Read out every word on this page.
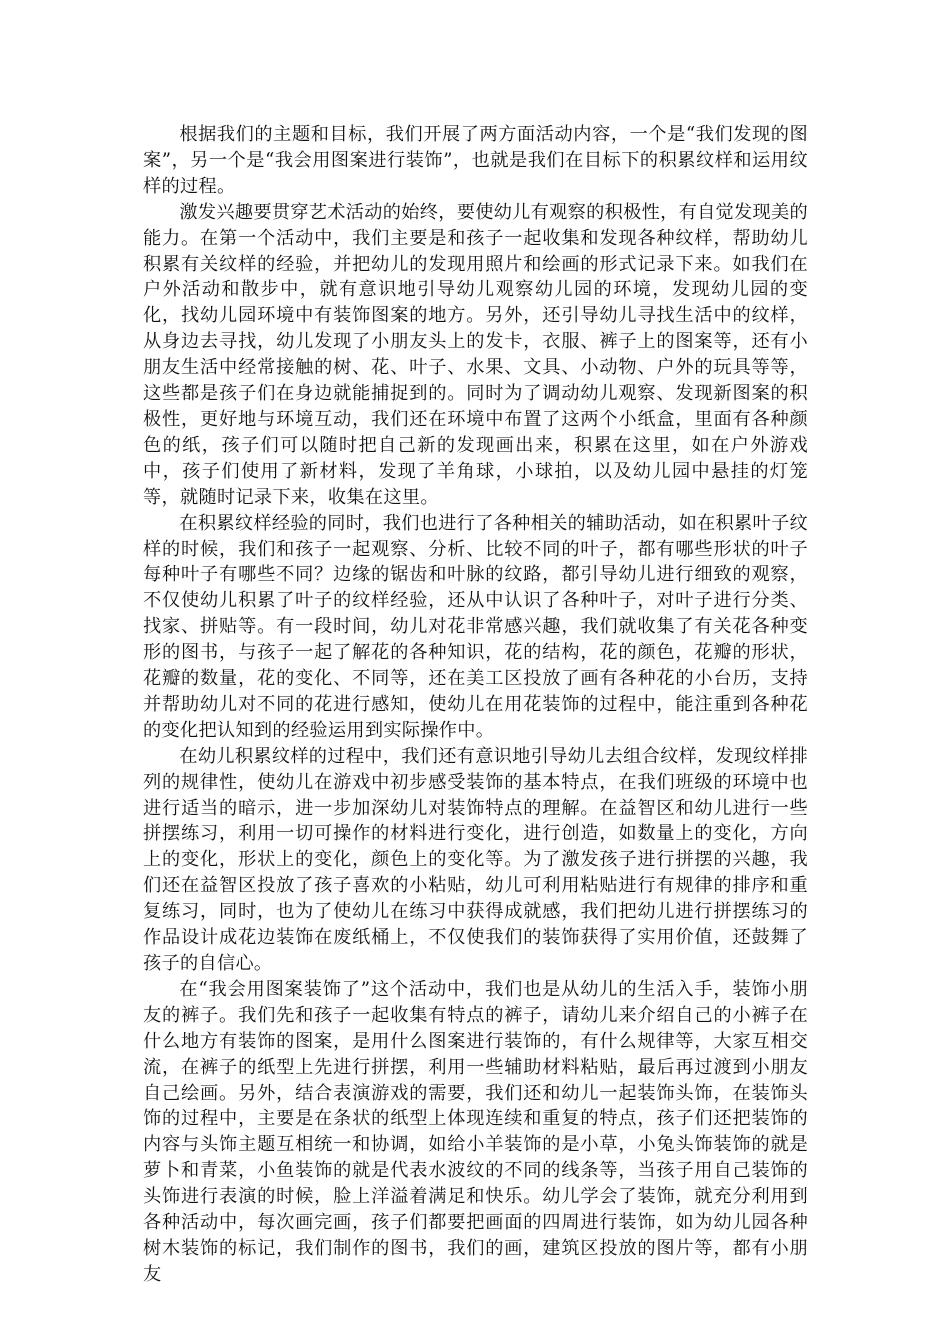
根据我们的主题和目标，我们开展了两方面活动内容，一个是“我们发现的图案”，另一个是“我会用图案进行装饰”，也就是我们在目标下的积累纹样和运用纹样的过程。

激发兴趣要贯穿艺术活动的始终，要使幼儿有观察的积极性，有自觉发现美的能力。在第一个活动中，我们主要是和孩子一起收集和发现各种纹样，帮助幼儿积累有关纹样的经验，并把幼儿的发现用照片和绘画的形式记录下来。如我们在户外活动和散步中，就有意识地引导幼儿观察幼儿园的环境，发现幼儿园的变化，找幼儿园环境中有装饰图案的地方。另外，还引导幼儿寻找生活中的纹样，从身边去寻找，幼儿发现了小朋友头上的发卡，衣服、裤子上的图案等，还有小朋友生活中经常接触的树、花、叶子、水果、文具、小动物、户外的玩具等等，这些都是孩子们在身边就能捕捉到的。同时为了调动幼儿观察、发现新图案的积极性，更好地与环境互动，我们还在环境中布置了这两个小纸盒，里面有各种颜色的纸，孩子们可以随时把自己新的发现画出来，积累在这里，如在户外游戏中，孩子们使用了新材料，发现了羊角球，小球拍，以及幼儿园中悬挂的灯笼等，就随时记录下来，收集在这里。

在积累纹样经验的同时，我们也进行了各种相关的辅助活动，如在积累叶子纹样的时候，我们和孩子一起观察、分析、比较不同的叶子，都有哪些形状的叶子每种叶子有哪些不同？边缘的锯齿和叶脉的纹路，都引导幼儿进行细致的观察，不仅使幼儿积累了叶子的纹样经验，还从中认识了各种叶子，对叶子进行分类、找家、拼贴等。有一段时间，幼儿对花非常感兴趣，我们就收集了有关花各种变形的图书，与孩子一起了解花的各种知识，花的结构，花的颜色，花瓣的形状，花瓣的数量，花的变化、不同等，还在美工区投放了画有各种花的小台历，支持并帮助幼儿对不同的花进行感知，使幼儿在用花装饰的过程中，能注重到各种花的变化把认知到的经验运用到实际操作中。

在幼儿积累纹样的过程中，我们还有意识地引导幼儿去组合纹样，发现纹样排列的规律性，使幼儿在游戏中初步感受装饰的基本特点，在我们班级的环境中也进行适当的暗示，进一步加深幼儿对装饰特点的理解。在益智区和幼儿进行一些拼摆练习，利用一切可操作的材料进行变化，进行创造，如数量上的变化，方向上的变化，形状上的变化，颜色上的变化等。为了激发孩子进行拼摆的兴趣，我们还在益智区投放了孩子喜欢的小粘贴，幼儿可利用粘贴进行有规律的排序和重复练习，同时，也为了使幼儿在练习中获得成就感，我们把幼儿进行拼摆练习的作品设计成花边装饰在废纸桶上，不仅使我们的装饰获得了实用价值，还鼓舞了孩子的自信心。

在“我会用图案装饰了”这个活动中，我们也是从幼儿的生活入手，装饰小朋友的裤子。我们先和孩子一起收集有特点的裤子，请幼儿来介绍自己的小裤子在什么地方有装饰的图案，是用什么图案进行装饰的，有什么规律等，大家互相交流，在裤子的纸型上先进行拼摆，利用一些辅助材料粘贴，最后再过渡到小朋友自己绘画。另外，结合表演游戏的需要，我们还和幼儿一起装饰头饰，在装饰头饰的过程中，主要是在条状的纸型上体现连续和重复的特点，孩子们还把装饰的内容与头饰主题互相统一和协调，如给小羊装饰的是小草，小兔头饰装饰的就是萝卜和青菜，小鱼装饰的就是代表水波纹的不同的线条等，当孩子用自己装饰的头饰进行表演的时候，脸上洋溢着满足和快乐。幼儿学会了装饰，就充分利用到各种活动中，每次画完画，孩子们都要把画面的四周进行装饰，如为幼儿园各种树木装饰的标记，我们制作的图书，我们的画，建筑区投放的图片等，都有小朋友
